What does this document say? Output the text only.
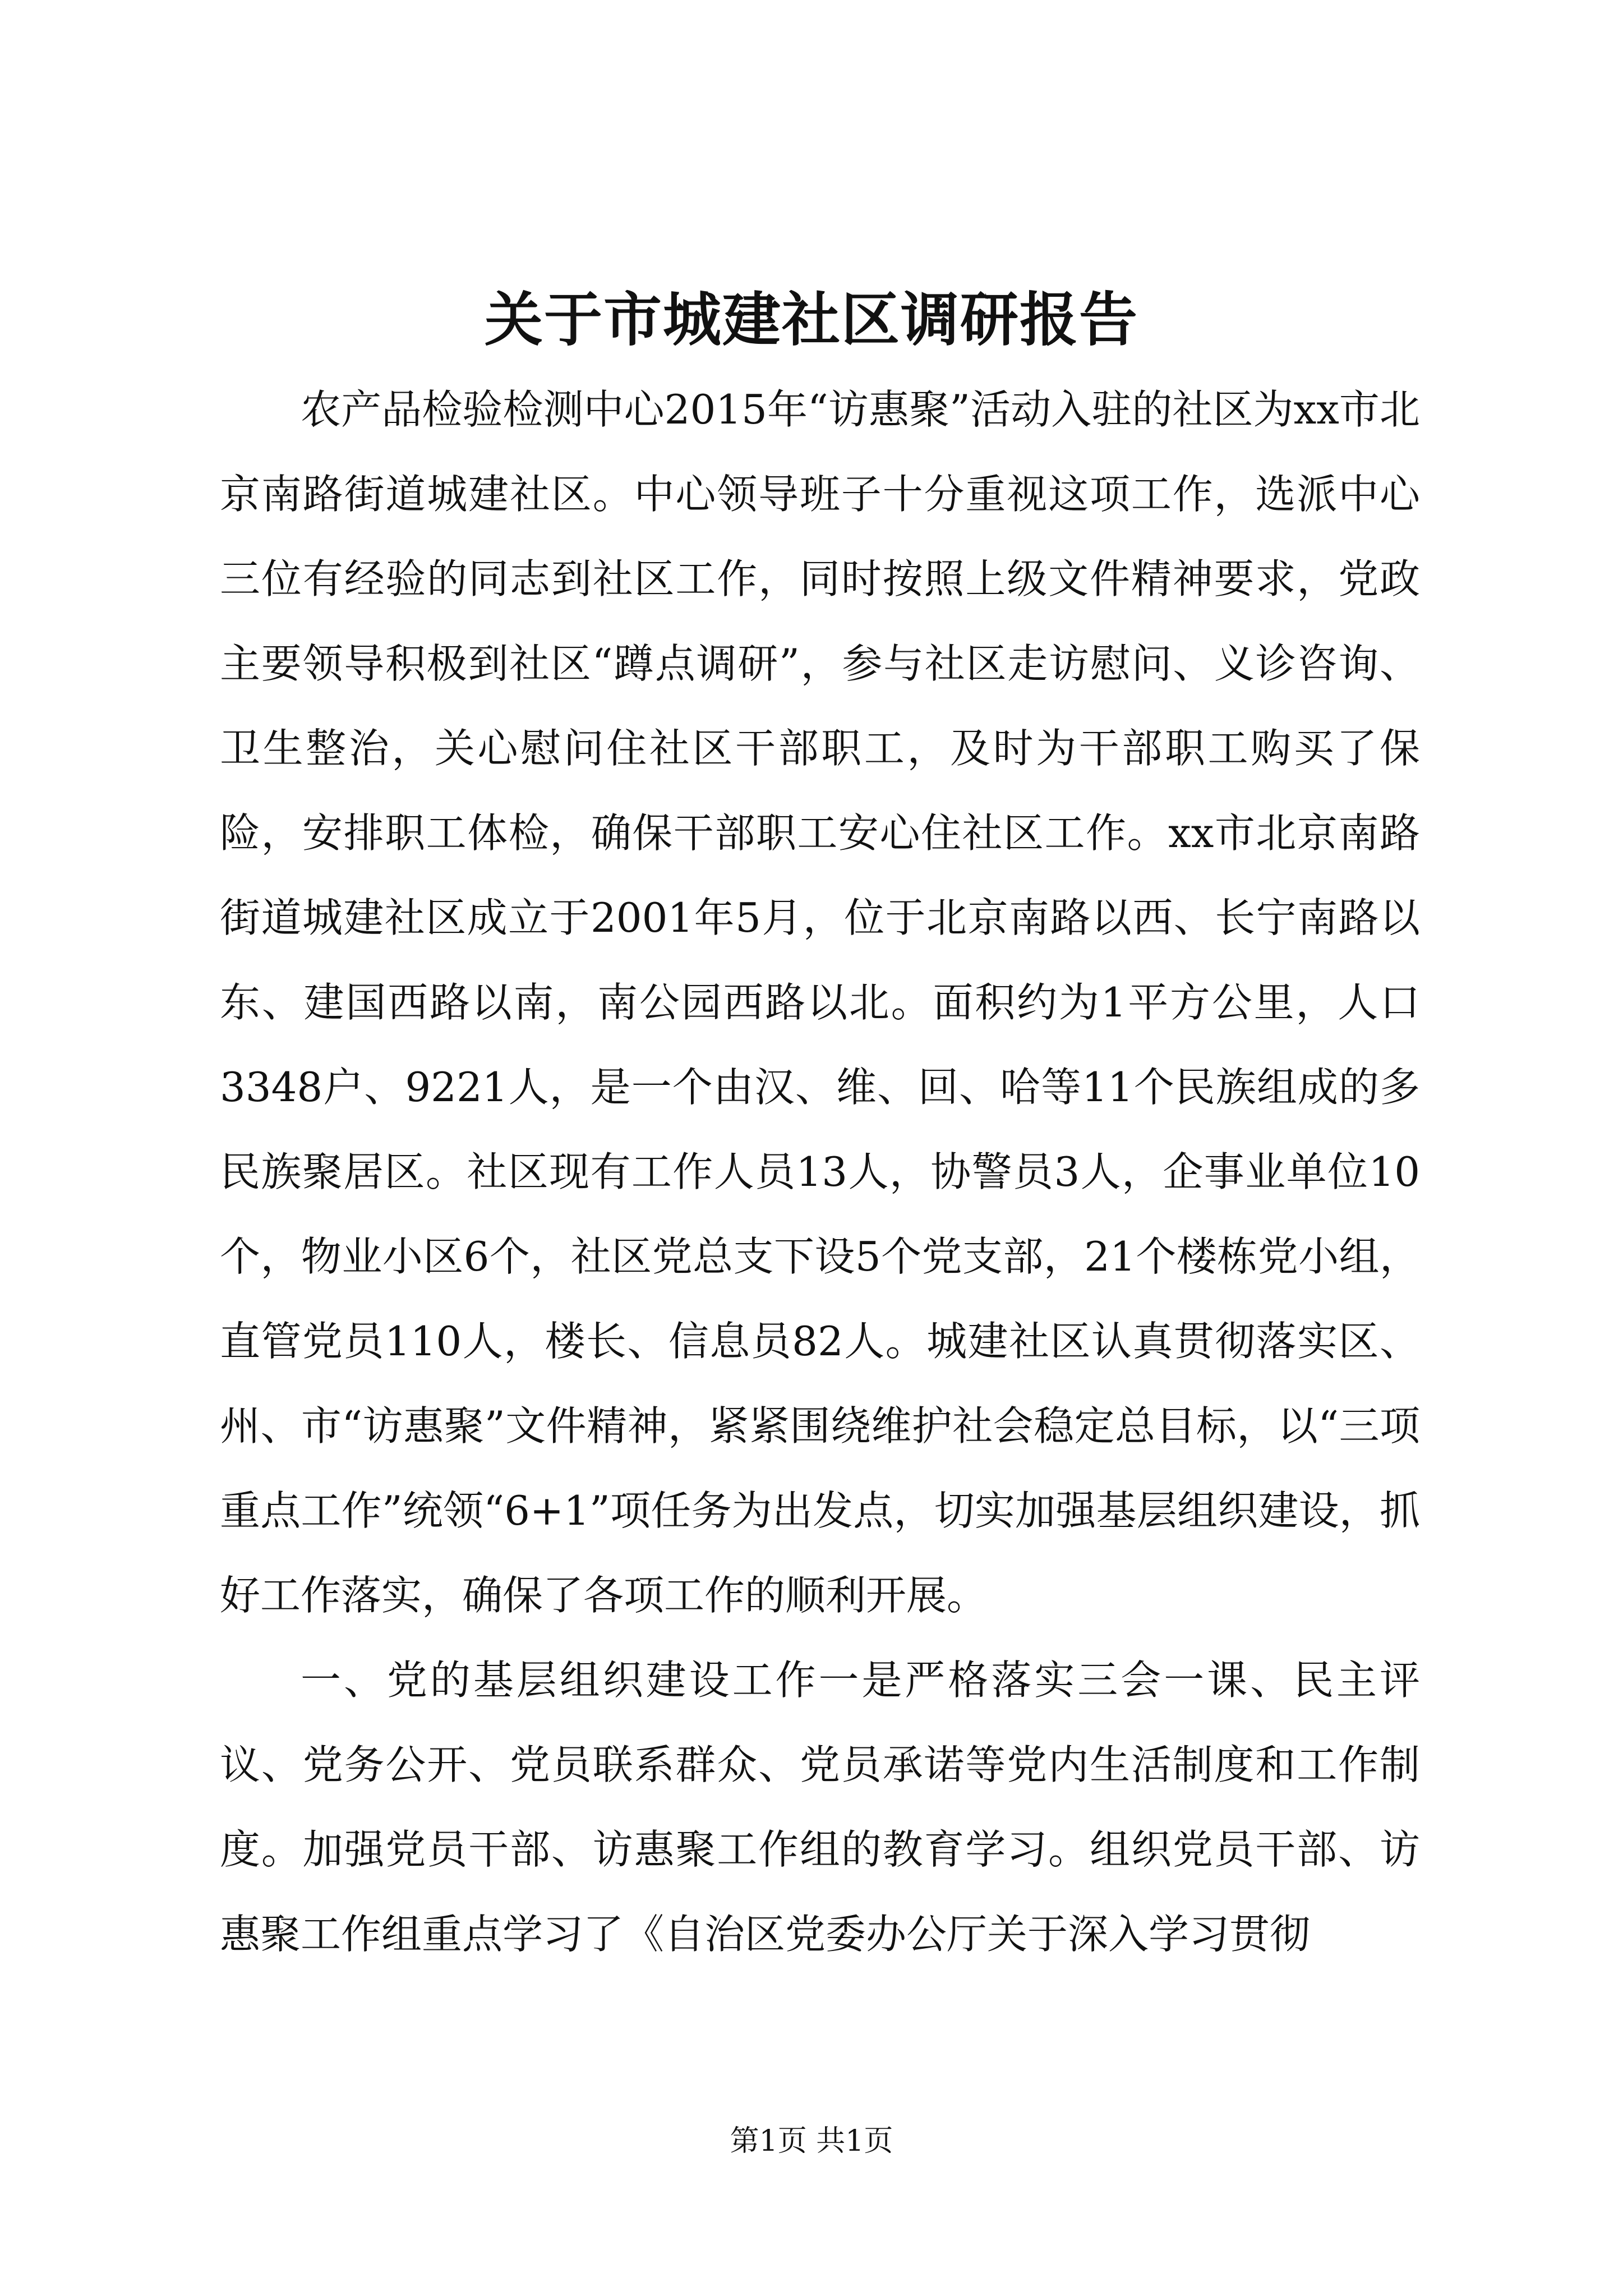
关于市城建社区调研报告

农产品检验检测中心2015年“访惠聚”活动入驻的社区为xx市北京南路街道城建社区。中心领导班子十分重视这项工作，选派中心三位有经验的同志到社区工作，同时按照上级文件精神要求，党政主要领导积极到社区“蹲点调研”，参与社区走访慰问、义诊咨询、卫生整治，关心慰问住社区干部职工，及时为干部职工购买了保险，安排职工体检，确保干部职工安心住社区工作。xx市北京南路街道城建社区成立于2001年5月，位于北京南路以西、长宁南路以东、建国西路以南，南公园西路以北。面积约为1平方公里，人口3348户、9221人，是一个由汉、维、回、哈等11个民族组成的多民族聚居区。社区现有工作人员13人，协警员3人，企事业单位10个，物业小区6个，社区党总支下设5个党支部，21个楼栋党小组，直管党员110人，楼长、信息员82人。城建社区认真贯彻落实区、州、市“访惠聚”文件精神，紧紧围绕维护社会稳定总目标，以“三项重点工作”统领“6+1”项任务为出发点，切实加强基层组织建设，抓好工作落实，确保了各项工作的顺利开展。

一、党的基层组织建设工作一是严格落实三会一课、民主评议、党务公开、党员联系群众、党员承诺等党内生活制度和工作制度。加强党员干部、访惠聚工作组的教育学习。组织党员干部、访惠聚工作组重点学习了《自治区党委办公厅关于深入学习贯彻

第1页 共1页
